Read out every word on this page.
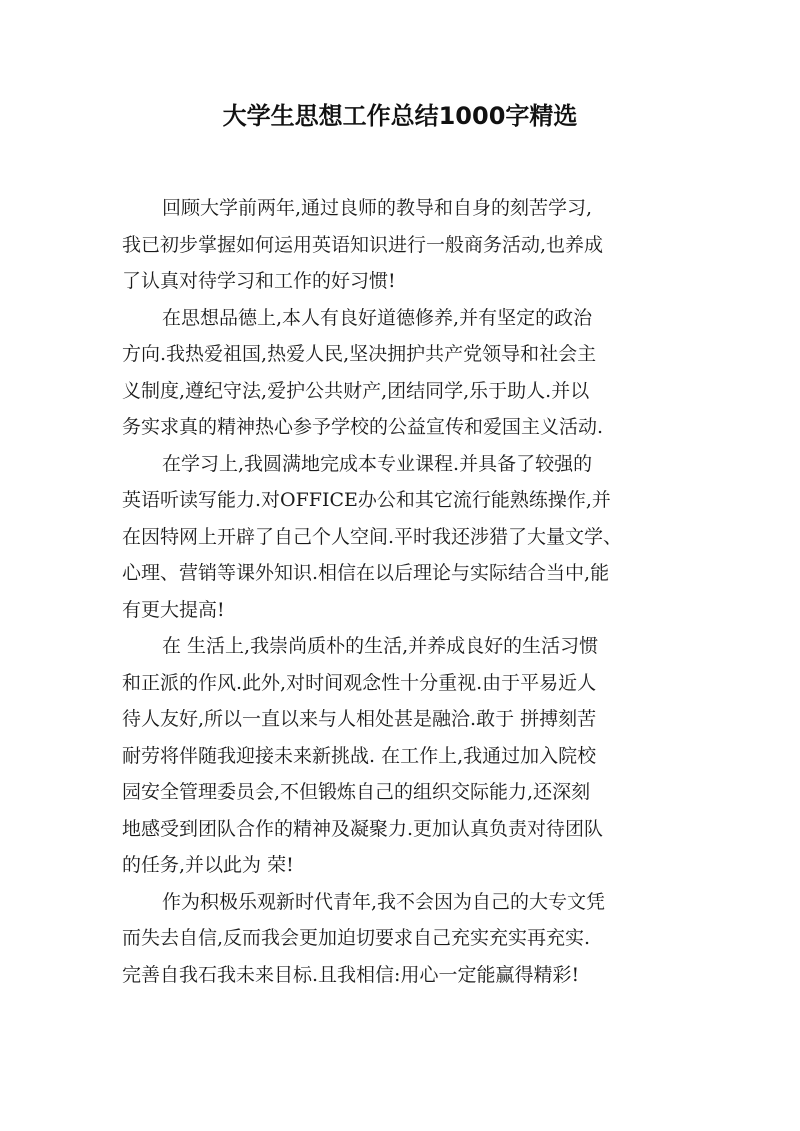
大学生思想工作总结1000字精选
回顾大学前两年,通过良师的教导和自身的刻苦学习,
我已初步掌握如何运用英语知识进行一般商务活动,也养成
了认真对待学习和工作的好习惯!
在思想品德上,本人有良好道德修养,并有坚定的政治
方向.我热爱祖国,热爱人民,坚决拥护共产党领导和社会主
义制度,遵纪守法,爱护公共财产,团结同学,乐于助人.并以
务实求真的精神热心参予学校的公益宣传和爱国主义活动.
在学习上,我圆满地完成本专业课程.并具备了较强的
英语听读写能力.对OFFICE办公和其它流行能熟练操作,并
在因特网上开辟了自己个人空间.平时我还涉猎了大量文学、
心理、营销等课外知识.相信在以后理论与实际结合当中,能
有更大提高!
在 生活上,我崇尚质朴的生活,并养成良好的生活习惯
和正派的作风.此外,对时间观念性十分重视.由于平易近人
待人友好,所以一直以来与人相处甚是融洽.敢于 拼搏刻苦
耐劳将伴随我迎接未来新挑战. 在工作上,我通过加入院校
园安全管理委员会,不但锻炼自己的组织交际能力,还深刻
地感受到团队合作的精神及凝聚力.更加认真负责对待团队
的任务,并以此为 荣!
作为积极乐观新时代青年,我不会因为自己的大专文凭
而失去自信,反而我会更加迫切要求自己充实充实再充实.
完善自我石我未来目标.且我相信:用心一定能赢得精彩!
